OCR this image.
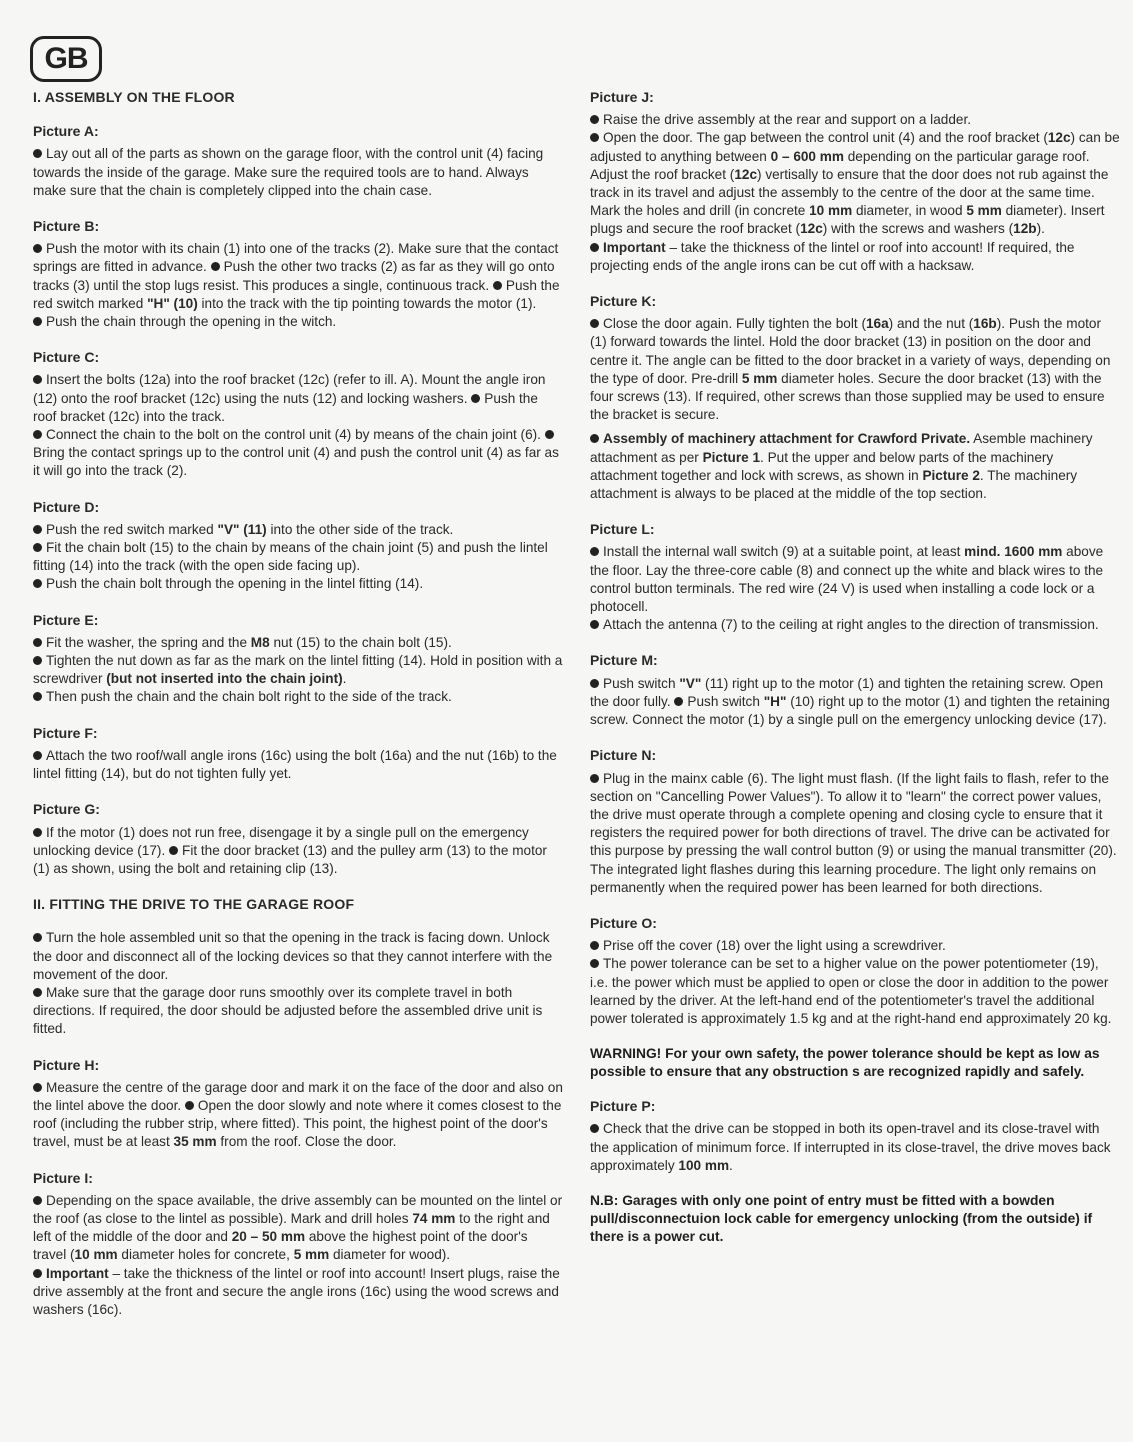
GB
I. ASSEMBLY ON THE FLOOR
Picture A:

Lay out all of the parts as shown on the garage floor, with the control unit (4) facing towards the inside of the garage. Make sure the required tools are to hand. Always make sure that the chain is completely clipped into the chain case.

Picture B:

Push the motor with its chain (1) into one of the tracks (2). Make sure that the contact springs are fitted in advance. Push the other two tracks (2) as far as they will go onto tracks (3) until the stop lugs resist. This produces a single, continuous track. Push the red switch marked "H" (10) into the track with the tip pointing towards the motor (1).

Push the chain through the opening in the witch.

Picture C:

Insert the bolts (12a) into the roof bracket (12c) (refer to ill. A). Mount the angle iron (12) onto the roof bracket (12c) using the nuts (12) and locking washers. Push the roof bracket (12c) into the track.

Connect the chain to the bolt on the control unit (4) by means of the chain joint (6). Bring the contact springs up to the control unit (4) and push the control unit (4) as far as it will go into the track (2).

Picture D:

Push the red switch marked "V" (11) into the other side of the track.

Fit the chain bolt (15) to the chain by means of the chain joint (5) and push the lintel fitting (14) into the track (with the open side facing up).

Push the chain bolt through the opening in the lintel fitting (14).

Picture E:

Fit the washer, the spring and the M8 nut (15) to the chain bolt (15).

Tighten the nut down as far as the mark on the lintel fitting (14). Hold in position with a screwdriver (but not inserted into the chain joint).

Then push the chain and the chain bolt right to the side of the track.

Picture F:

Attach the two roof/wall angle irons (16c) using the bolt (16a) and the nut (16b) to the lintel fitting (14), but do not tighten fully yet.

Picture G:

If the motor (1) does not run free, disengage it by a single pull on the emergency unlocking device (17). Fit the door bracket (13) and the pulley arm (13) to the motor (1) as shown, using the bolt and retaining clip (13).

II. FITTING THE DRIVE TO THE GARAGE ROOF

Turn the hole assembled unit so that the opening in the track is facing down. Unlock the door and disconnect all of the locking devices so that they cannot interfere with the movement of the door.

Make sure that the garage door runs smoothly over its complete travel in both directions. If required, the door should be adjusted before the assembled drive unit is fitted.

Picture H:

Measure the centre of the garage door and mark it on the face of the door and also on the lintel above the door. Open the door slowly and note where it comes closest to the roof (including the rubber strip, where fitted). This point, the highest point of the door's travel, must be at least 35 mm from the roof. Close the door.

Picture I:

Depending on the space available, the drive assembly can be mounted on the lintel or the roof (as close to the lintel as possible). Mark and drill holes 74 mm to the right and left of the middle of the door and 20 – 50 mm above the highest point of the door's travel (10 mm diameter holes for concrete, 5 mm diameter for wood).

Important – take the thickness of the lintel or roof into account! Insert plugs, raise the drive assembly at the front and secure the angle irons (16c) using the wood screws and washers (16c).

Picture J:

Raise the drive assembly at the rear and support on a ladder.

Open the door. The gap between the control unit (4) and the roof bracket (12c) can be adjusted to anything between 0 – 600 mm depending on the particular garage roof. Adjust the roof bracket (12c) vertisally to ensure that the door does not rub against the track in its travel and adjust the assembly to the centre of the door at the same time. Mark the holes and drill (in concrete 10 mm diameter, in wood 5 mm diameter). Insert plugs and secure the roof bracket (12c) with the screws and washers (12b).

Important – take the thickness of the lintel or roof into account! If required, the projecting ends of the angle irons can be cut off with a hacksaw.

Picture K:

Close the door again. Fully tighten the bolt (16a) and the nut (16b). Push the motor (1) forward towards the lintel. Hold the door bracket (13) in position on the door and centre it. The angle can be fitted to the door bracket in a variety of ways, depending on the type of door. Pre-drill 5 mm diameter holes. Secure the door bracket (13) with the four screws (13). If required, other screws than those supplied may be used to ensure the bracket is secure.

Assembly of machinery attachment for Crawford Private. Asemble machinery attachment as per Picture 1. Put the upper and below parts of the machinery attachment together and lock with screws, as shown in Picture 2. The machinery attachment is always to be placed at the middle of the top section.

Picture L:

Install the internal wall switch (9) at a suitable point, at least mind. 1600 mm above the floor. Lay the three-core cable (8) and connect up the white and black wires to the control button terminals. The red wire (24 V) is used when installing a code lock or a photocell.

Attach the antenna (7) to the ceiling at right angles to the direction of transmission.

Picture M:

Push switch "V" (11) right up to the motor (1) and tighten the retaining screw. Open the door fully. Push switch "H" (10) right up to the motor (1) and tighten the retaining screw. Connect the motor (1) by a single pull on the emergency unlocking device (17).

Picture N:

Plug in the mainx cable (6). The light must flash. (If the light fails to flash, refer to the section on "Cancelling Power Values"). To allow it to "learn" the correct power values, the drive must operate through a complete opening and closing cycle to ensure that it registers the required power for both directions of travel. The drive can be activated for this purpose by pressing the wall control button (9) or using the manual transmitter (20). The integrated light flashes during this learning procedure. The light only remains on permanently when the required power has been learned for both directions.

Picture O:

Prise off the cover (18) over the light using a screwdriver.

The power tolerance can be set to a higher value on the power potentiometer (19), i.e. the power which must be applied to open or close the door in addition to the power learned by the driver. At the left-hand end of the potentiometer's travel the additional power tolerated is approximately 1.5 kg and at the right-hand end approximately 20 kg.

WARNING! For your own safety, the power tolerance should be kept as low as possible to ensure that any obstruction s are recognized rapidly and safely.

Picture P:

Check that the drive can be stopped in both its open-travel and its close-travel with the application of minimum force. If interrupted in its close-travel, the drive moves back approximately 100 mm.

N.B: Garages with only one point of entry must be fitted with a bowden pull/disconnectuion lock cable for emergency unlocking (from the outside) if there is a power cut.
